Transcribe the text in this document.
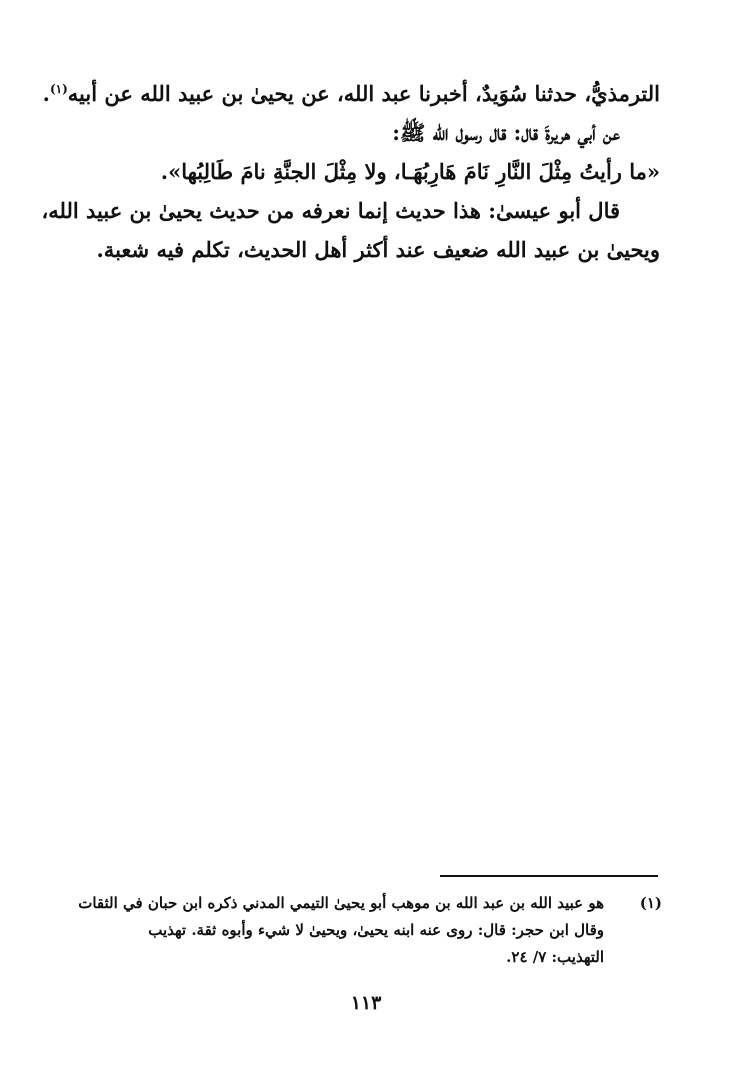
الترمذيُّ، حدثنا سُوَيدٌ، أخبرنا عبد الله، عن يحيىٰ بن عبيد الله عن أبيه$^{(١)}$.

عن أبي هريرةَ قال: قال رسول الله ﷺ:

«ما رأيتُ مِثْلَ النَّارِ نَامَ هَارِبُهَـا، ولا مِثْلَ الجنَّةِ نامَ طَالِبُها».

قال أبو عيسىٰ: هذا حديث إنما نعرفه من حديث يحيىٰ بن عبيد الله،

ويحيىٰ بن عبيد الله ضعيف عند أكثر أهل الحديث، تكلم فيه شعبة.

(١)
هو عبيد الله بن عبد الله بن موهب أبو يحيىٰ التيمي المدني ذكره ابن حبان في الثقات
وقال ابن حجر: قال: روى عنه ابنه يحيىٰ، ويحيىٰ لا شيء وأبوه ثقة. تهذيب
التهذيب: ٧/ ٢٤.
١١٣
